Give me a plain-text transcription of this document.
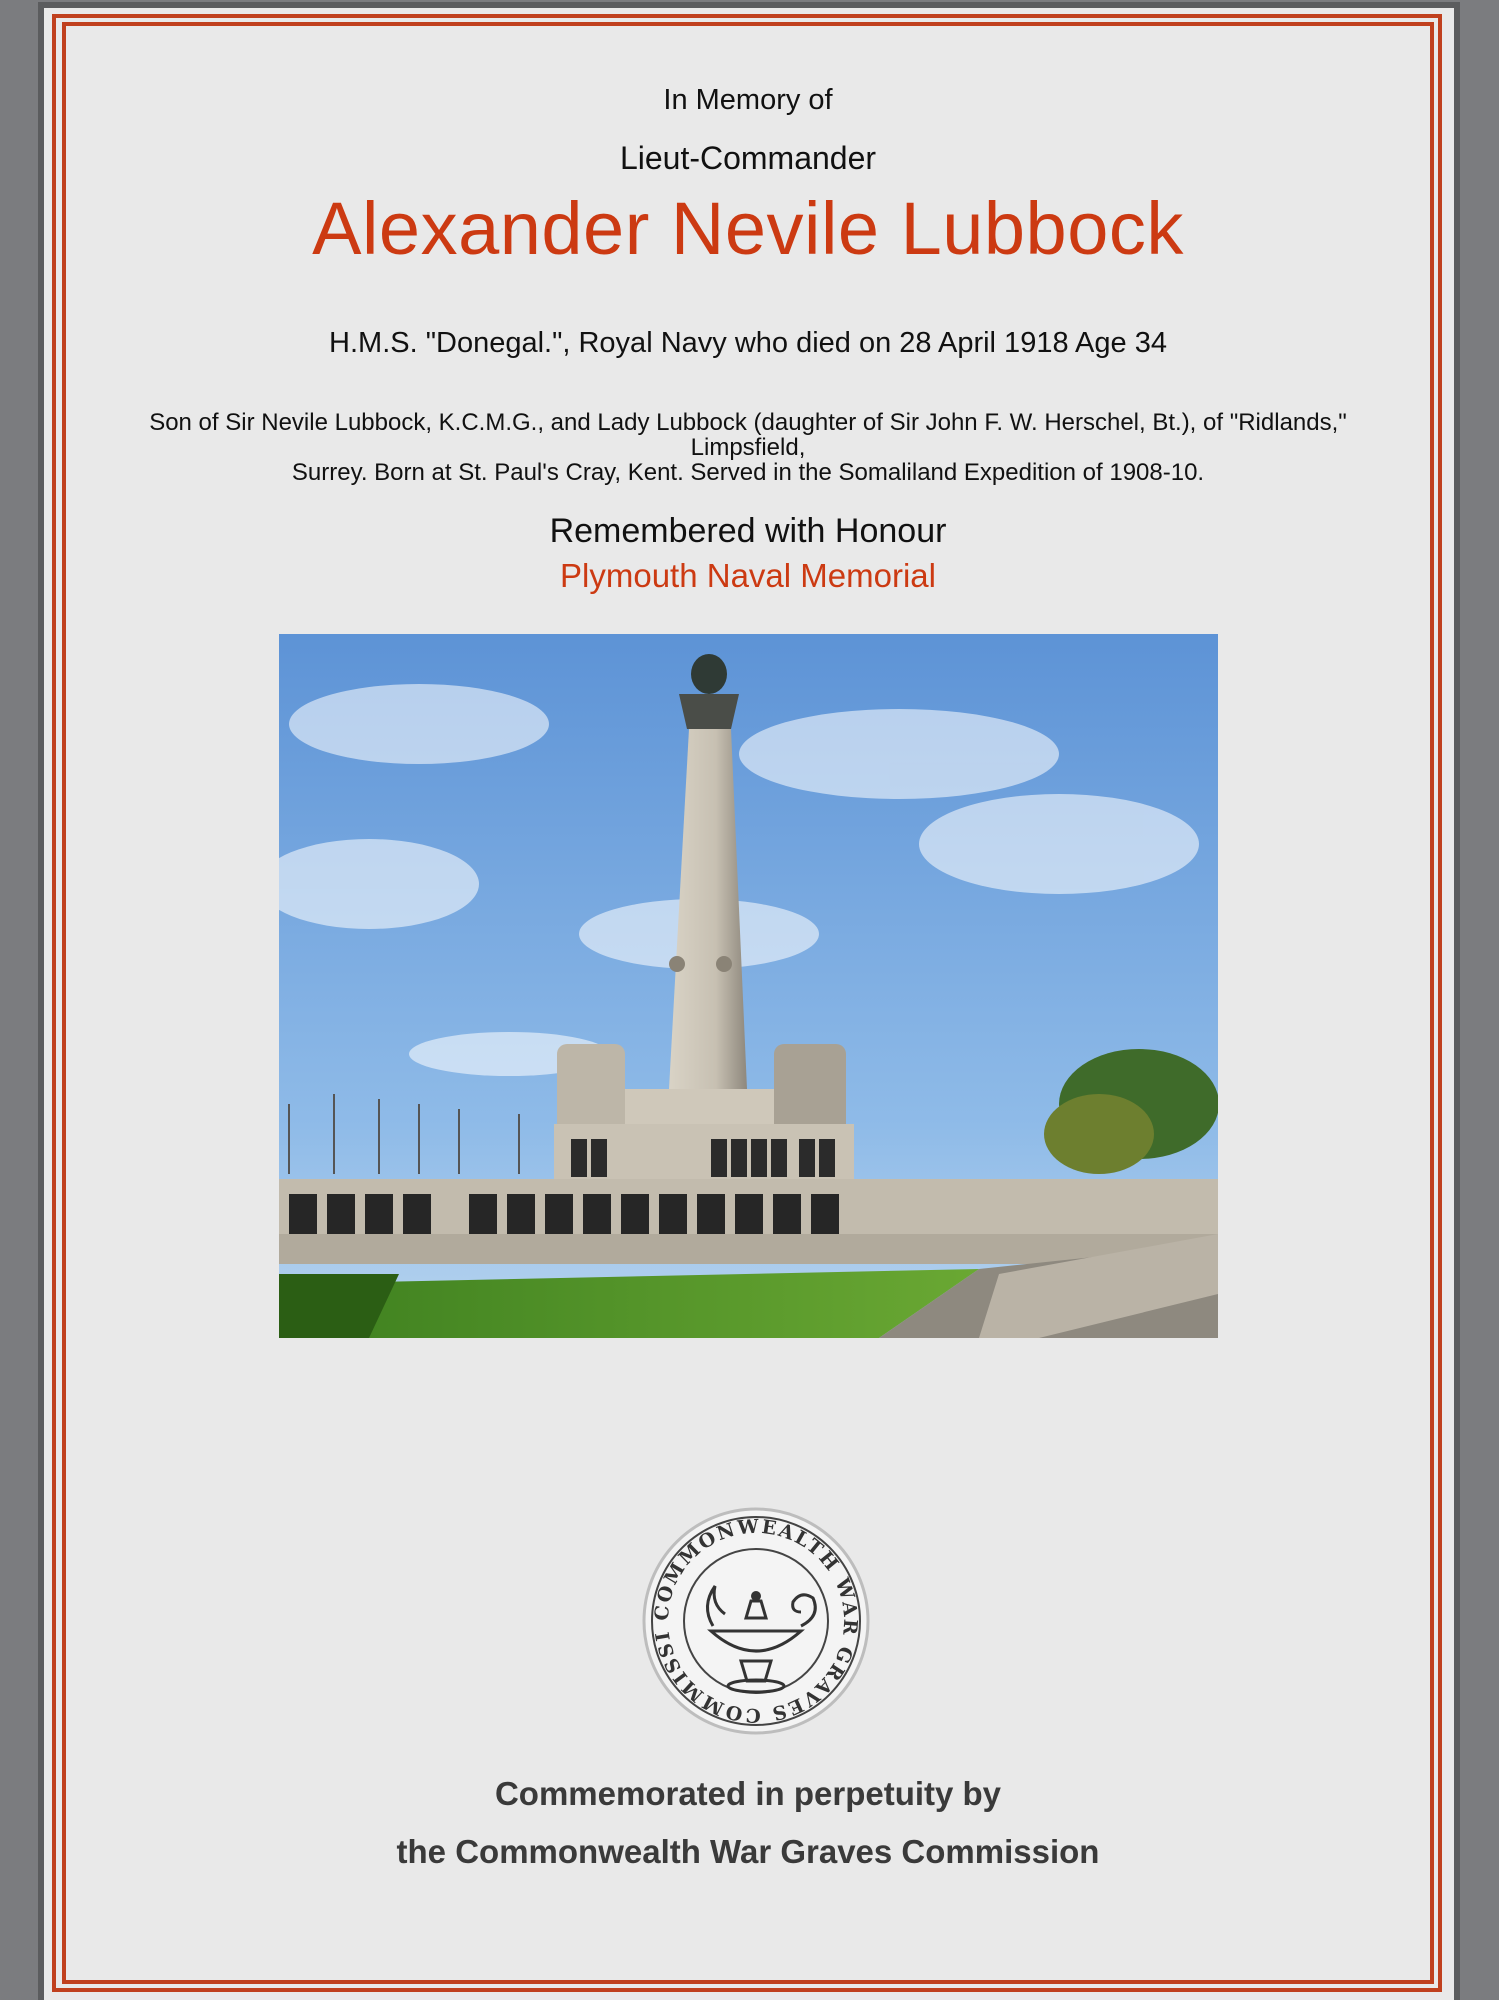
In Memory of

Lieut-Commander

Alexander Nevile Lubbock

H.M.S. "Donegal.", Royal Navy who died on 28 April 1918 Age 34

Son of Sir Nevile Lubbock, K.C.M.G., and Lady Lubbock (daughter of Sir John F. W. Herschel, Bt.), of "Ridlands," Limpsfield,
Surrey. Born at St. Paul's Cray, Kent. Served in the Somaliland Expedition of 1908-10.

Remembered with Honour

Plymouth Naval Memorial

COMMONWEALTH WAR GRAVES COMMISSI

Commemorated in perpetuity by

the Commonwealth War Graves Commission
